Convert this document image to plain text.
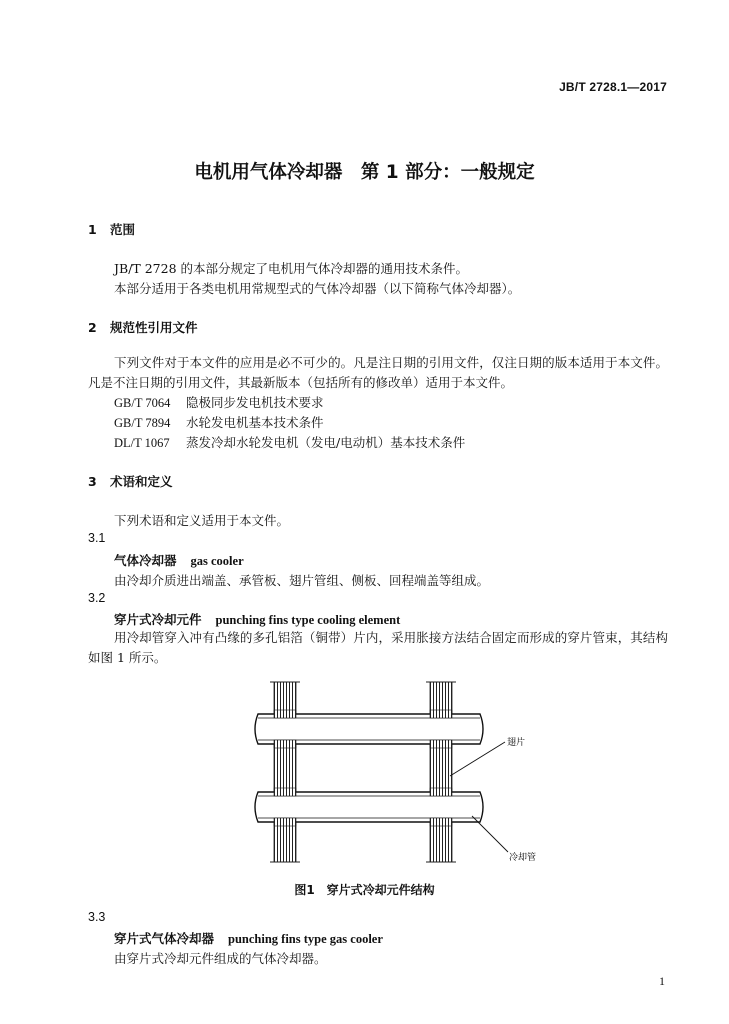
JB/T 2728.1—2017
电机用气体冷却器　第 1 部分：一般规定
1 范围
JB/T 2728 的本部分规定了电机用气体冷却器的通用技术条件。
本部分适用于各类电机用常规型式的气体冷却器（以下简称气体冷却器）。
2 规范性引用文件
下列文件对于本文件的应用是必不可少的。凡是注日期的引用文件，仅注日期的版本适用于本文件。凡是不注日期的引用文件，其最新版本（包括所有的修改单）适用于本文件。
GB/T 7064 隐极同步发电机技术要求
GB/T 7894 水轮发电机基本技术条件
DL/T 1067 蒸发冷却水轮发电机（发电/电动机）基本技术条件
3 术语和定义
下列术语和定义适用于本文件。
3.1
气体冷却器 gas cooler
由冷却介质进出端盖、承管板、翅片管组、侧板、回程端盖等组成。
3.2
穿片式冷却元件 punching fins type cooling element
用冷却管穿入冲有凸缘的多孔铝箔（铜带）片内，采用胀接方法结合固定而形成的穿片管束，其结构如图 1 所示。
翅片
冷却管
图1　穿片式冷却元件结构
3.3
穿片式气体冷却器 punching fins type gas cooler
由穿片式冷却元件组成的气体冷却器。
1
